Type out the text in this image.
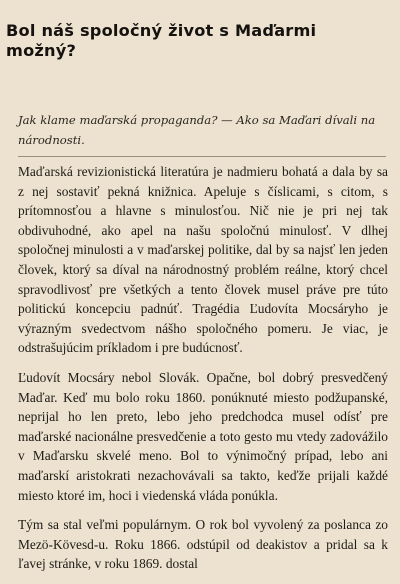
Bol náš spoločný život s Maďarmi možný?

Jak klame maďarská propaganda? — Ako sa Maďari dívali na národnosti.

Maďarská revizionistická literatúra je nadmieru bohatá a dala by sa z nej sostaviť pekná knižnica. Apeluje s číslicami, s citom, s prítomnosťou a hlavne s minulosťou. Nič nie je pri nej tak obdivuhodné, ako apel na našu spoločnú minulosť. V dlhej spoločnej minulosti a v maďarskej politike, dal by sa najsť len jeden človek, ktorý sa díval na národnostný problém reálne, ktorý chcel spravodlivosť pre všetkých a tento človek musel práve pre túto politickú koncepciu padnúť. Tragédia Ľudovíta Mocsáryho je výrazným svedectvom nášho spoločného pomeru. Je viac, je odstrašujúcim príkladom i pre budúcnosť.

Ľudovít Mocsáry nebol Slovák. Opačne, bol dobrý presvedčený Maďar. Keď mu bolo roku 1860. ponúknuté miesto podžupanské, neprijal ho len preto, lebo jeho predchodca musel odísť pre maďarské nacionálne presvedčenie a toto gesto mu vtedy zadovážilo v Maďarsku skvelé meno. Bol to výnimočný prípad, lebo ani maďarskí aristokrati nezachovávali sa takto, keďže prijali každé miesto ktoré im, hoci i viedenská vláda ponúkla.

Tým sa stal veľmi populárnym. O rok bol vyvolený za poslanca zo Mezö-Kövesd-u. Roku 1866. odstúpil od deakistov a pridal sa k ľavej stránke, v roku 1869. dostal
